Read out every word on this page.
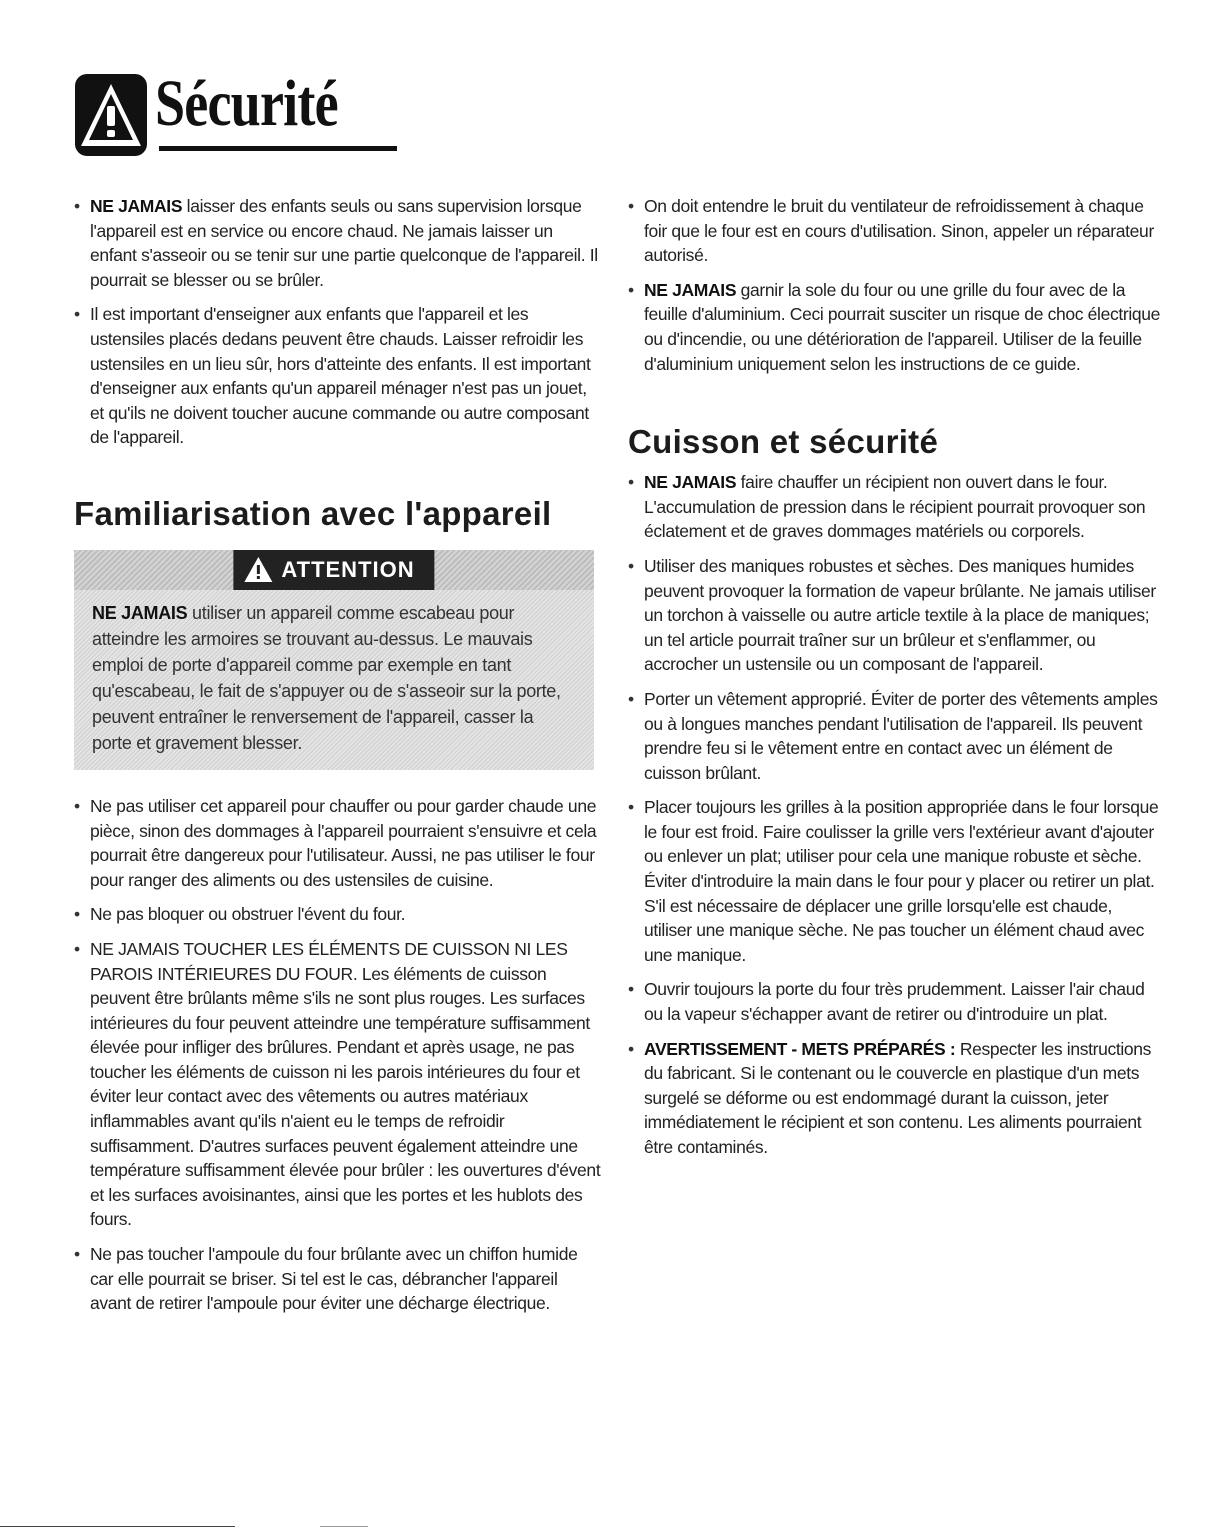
Sécurité
• NE JAMAIS laisser des enfants seuls ou sans supervision lorsque l'appareil est en service ou encore chaud. Ne jamais laisser un enfant s'asseoir ou se tenir sur une partie quelconque de l'appareil. Il pourrait se blesser ou se brûler.
• Il est important d'enseigner aux enfants que l'appareil et les ustensiles placés dedans peuvent être chauds. Laisser refroidir les ustensiles en un lieu sûr, hors d'atteinte des enfants. Il est important d'enseigner aux enfants qu'un appareil ménager n'est pas un jouet, et qu'ils ne doivent toucher aucune commande ou autre composant de l'appareil.
Familiarisation avec l'appareil
ATTENTION
NE JAMAIS utiliser un appareil comme escabeau pour atteindre les armoires se trouvant au-dessus. Le mauvais emploi de porte d'appareil comme par exemple en tant qu'escabeau, le fait de s'appuyer ou de s'asseoir sur la porte, peuvent entraîner le renversement de l'appareil, casser la porte et gravement blesser.
• Ne pas utiliser cet appareil pour chauffer ou pour garder chaude une pièce, sinon des dommages à l'appareil pourraient s'ensuivre et cela pourrait être dangereux pour l'utilisateur. Aussi, ne pas utiliser le four pour ranger des aliments ou des ustensiles de cuisine.
• Ne pas bloquer ou obstruer l'évent du four.
• NE JAMAIS TOUCHER LES ÉLÉMENTS DE CUISSON NI LES PAROIS INTÉRIEURES DU FOUR. Les éléments de cuisson peuvent être brûlants même s'ils ne sont plus rouges. Les surfaces intérieures du four peuvent atteindre une température suffisamment élevée pour infliger des brûlures. Pendant et après usage, ne pas toucher les éléments de cuisson ni les parois intérieures du four et éviter leur contact avec des vêtements ou autres matériaux inflammables avant qu'ils n'aient eu le temps de refroidir suffisamment. D'autres surfaces peuvent également atteindre une température suffisamment élevée pour brûler : les ouvertures d'évent et les surfaces avoisinantes, ainsi que les portes et les hublots des fours.
• Ne pas toucher l'ampoule du four brûlante avec un chiffon humide car elle pourrait se briser. Si tel est le cas, débrancher l'appareil avant de retirer l'ampoule pour éviter une décharge électrique.
• On doit entendre le bruit du ventilateur de refroidissement à chaque foir que le four est en cours d'utilisation. Sinon, appeler un réparateur autorisé.
• NE JAMAIS garnir la sole du four ou une grille du four avec de la feuille d'aluminium. Ceci pourrait susciter un risque de choc électrique ou d'incendie, ou une détérioration de l'appareil. Utiliser de la feuille d'aluminium uniquement selon les instructions de ce guide.
Cuisson et sécurité
• NE JAMAIS faire chauffer un récipient non ouvert dans le four. L'accumulation de pression dans le récipient pourrait provoquer son éclatement et de graves dommages matériels ou corporels.
• Utiliser des maniques robustes et sèches. Des maniques humides peuvent provoquer la formation de vapeur brûlante. Ne jamais utiliser un torchon à vaisselle ou autre article textile à la place de maniques; un tel article pourrait traîner sur un brûleur et s'enflammer, ou accrocher un ustensile ou un composant de l'appareil.
• Porter un vêtement approprié. Éviter de porter des vêtements amples ou à longues manches pendant l'utilisation de l'appareil. Ils peuvent prendre feu si le vêtement entre en contact avec un élément de cuisson brûlant.
• Placer toujours les grilles à la position appropriée dans le four lorsque le four est froid. Faire coulisser la grille vers l'extérieur avant d'ajouter ou enlever un plat; utiliser pour cela une manique robuste et sèche. Éviter d'introduire la main dans le four pour y placer ou retirer un plat. S'il est nécessaire de déplacer une grille lorsqu'elle est chaude, utiliser une manique sèche. Ne pas toucher un élément chaud avec une manique.
• Ouvrir toujours la porte du four très prudemment. Laisser l'air chaud ou la vapeur s'échapper avant de retirer ou d'introduire un plat.
• AVERTISSEMENT - METS PRÉPARÉS : Respecter les instructions du fabricant. Si le contenant ou le couvercle en plastique d'un mets surgelé se déforme ou est endommagé durant la cuisson, jeter immédiatement le récipient et son contenu. Les aliments pourraient être contaminés.
